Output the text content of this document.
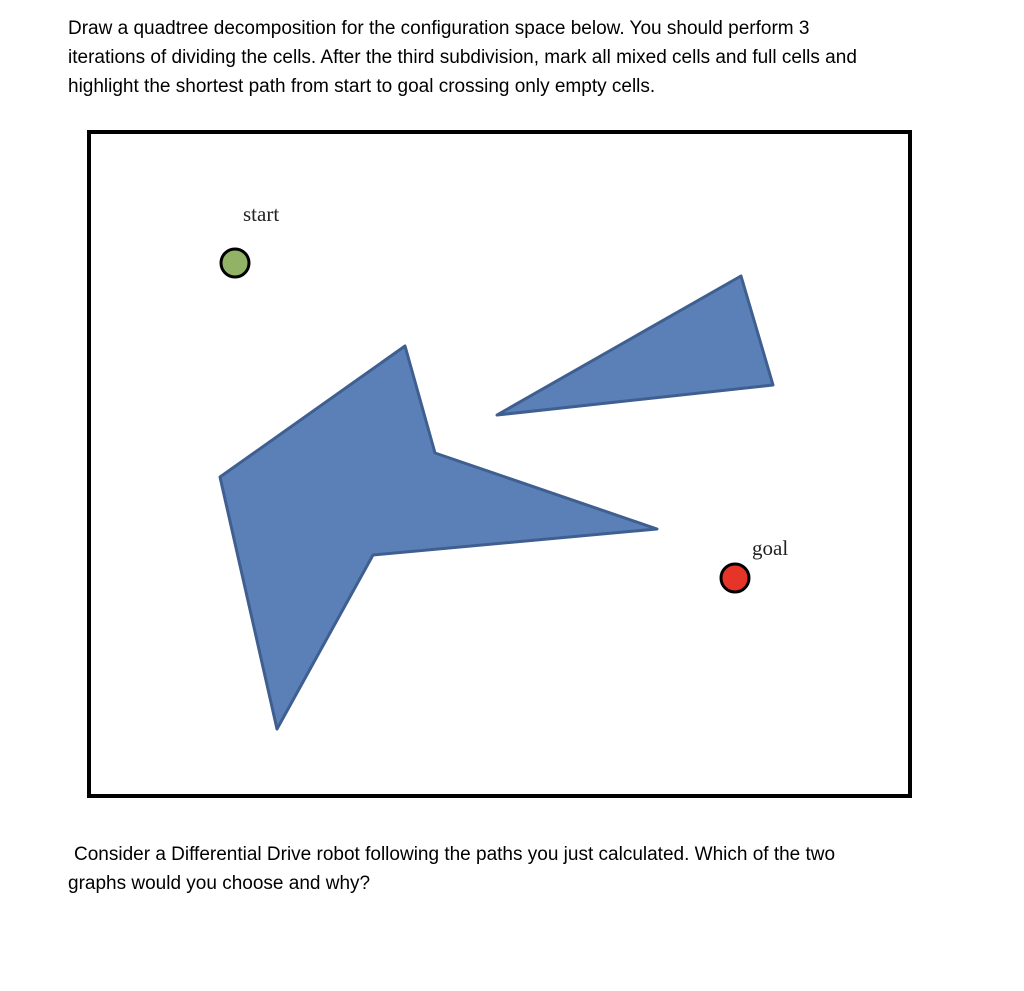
Draw a quadtree decomposition for the configuration space below. You should perform 3
iterations of dividing the cells. After the third subdivision, mark all mixed cells and full cells and
highlight the shortest path from start to goal crossing only empty cells.
start
goal
Consider a Differential Drive robot following the paths you just calculated. Which of the two
graphs would you choose and why?
